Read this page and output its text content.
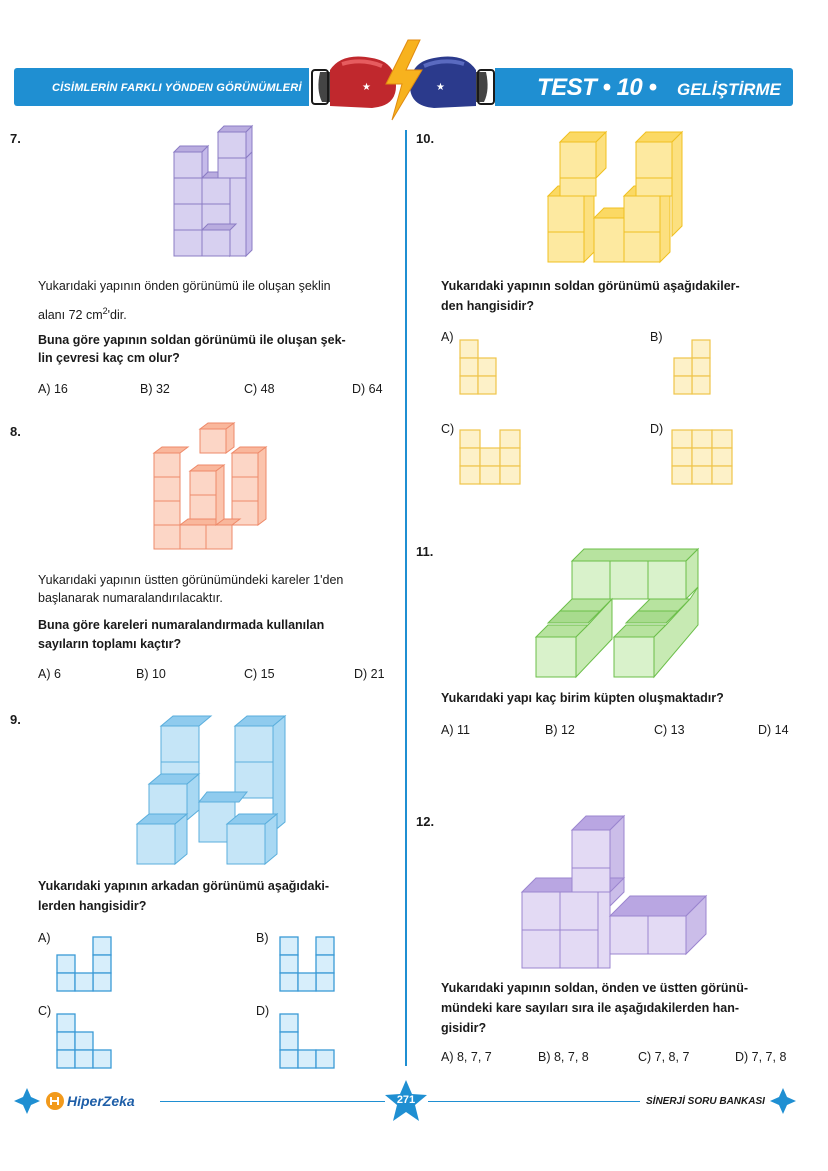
CİSİMLERİN FARKLI YÖNDEN GÖRÜNÜMLERİ	TEST • 10 • GELİŞTİRME
★	★
7.
Yukarıdaki yapının önden görünümü ile oluşan şeklin
alanı 72 $cm^2'dir$.
Buna göre yapının soldan görünümü ile oluşan şek-
lin çevresi kaç cm olur?
A) 16	B) 32	C) 48	D) 64
8.
Yukarıdaki yapının üstten görünümündeki kareler 1'den
başlanarak numaralandırılacaktır.
Buna göre kareleri numaralandırmada kullanılan
sayıların toplamı kaçtır?
A) 6	B) 10	C) 15	D) 21
9.
Yukarıdaki yapının arkadan görünümü aşağıdaki-
lerden hangisidir?
A)	B)
C)	D)
10.
Yukarıdaki yapının soldan görünümü aşağıdakiler-
den hangisidir?
A)	B)
C)	D)
11.
Yukarıdaki yapı kaç birim küpten oluşmaktadır?
A) 11	B) 12	C) 13	D) 14
12.
Yukarıdaki yapının soldan, önden ve üstten görünü-
mündeki kare sayıları sıra ile aşağıdakilerden han-
gisidir?
A) 8, 7, 7	B) 8, 7, 8	C) 7, 8, 7	D) 7, 7, 8
HiperZeka	271	SİNERJİ SORU BANKASI
